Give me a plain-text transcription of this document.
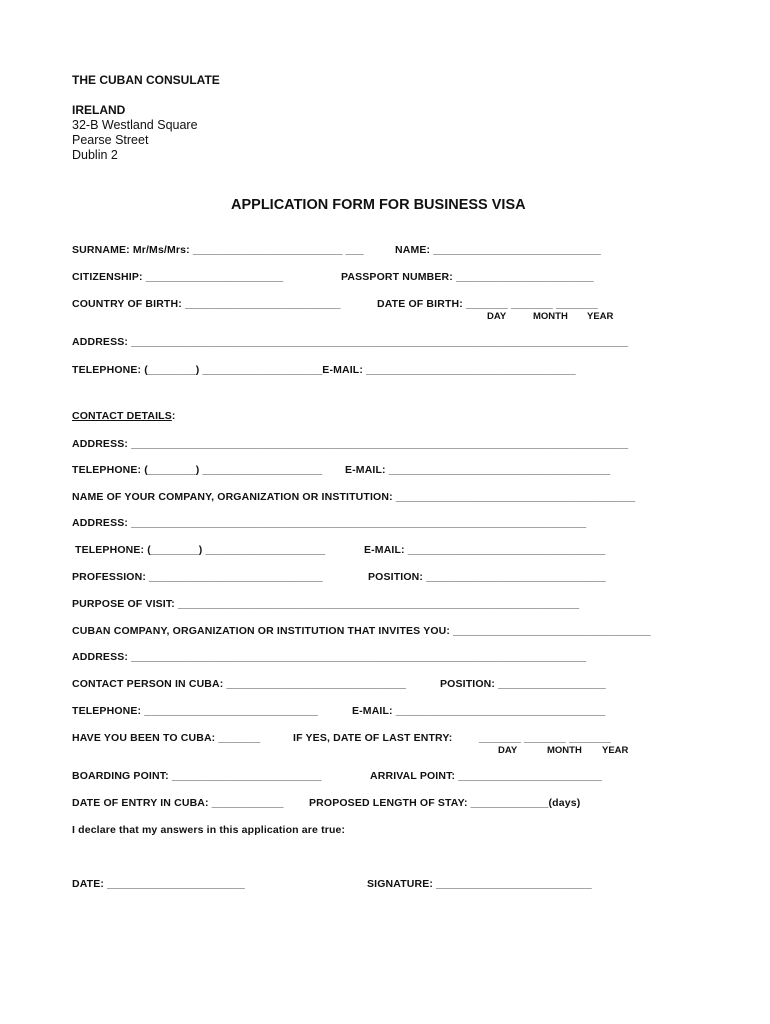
THE CUBAN CONSULATE
IRELAND
32-B Westland Square
Pearse Street
Dublin 2
APPLICATION FORM FOR BUSINESS VISA
SURNAME: Mr/Ms/Mrs: _________________________ ___	NAME: ____________________________
CITIZENSHIP: _______________________	PASSPORT NUMBER: _______________________
COUNTRY OF BIRTH: __________________________	DATE OF BIRTH: _______ _______ _______
DAY	MONTH YEAR
ADDRESS: ___________________________________________________________________________________
TELEPHONE: (________) ____________________E-MAIL: ___________________________________
CONTACT DETAILS:
ADDRESS: ___________________________________________________________________________________
TELEPHONE: (________) ____________________ E-MAIL: _____________________________________
NAME OF YOUR COMPANY, ORGANIZATION OR INSTITUTION: ________________________________________
ADDRESS: ____________________________________________________________________________
TELEPHONE: (________) ____________________	E-MAIL: _________________________________
PROFESSION: _____________________________	POSITION: ______________________________
PURPOSE OF VISIT: ___________________________________________________________________
CUBAN COMPANY, ORGANIZATION OR INSTITUTION THAT INVITES YOU: _________________________________
ADDRESS: ____________________________________________________________________________
CONTACT PERSON IN CUBA: ______________________________	POSITION: __________________
TELEPHONE: _____________________________	E-MAIL: ___________________________________
HAVE YOU BEEN TO CUBA: _______	IF YES, DATE OF LAST ENTRY:	_______ _______ _______
DAY	MONTH YEAR
BOARDING POINT: _________________________	ARRIVAL POINT: ________________________
DATE OF ENTRY IN CUBA: ____________ PROPOSED LENGTH OF STAY: _____________(days)
I declare that my answers in this application are true:
DATE: _______________________	SIGNATURE: __________________________
